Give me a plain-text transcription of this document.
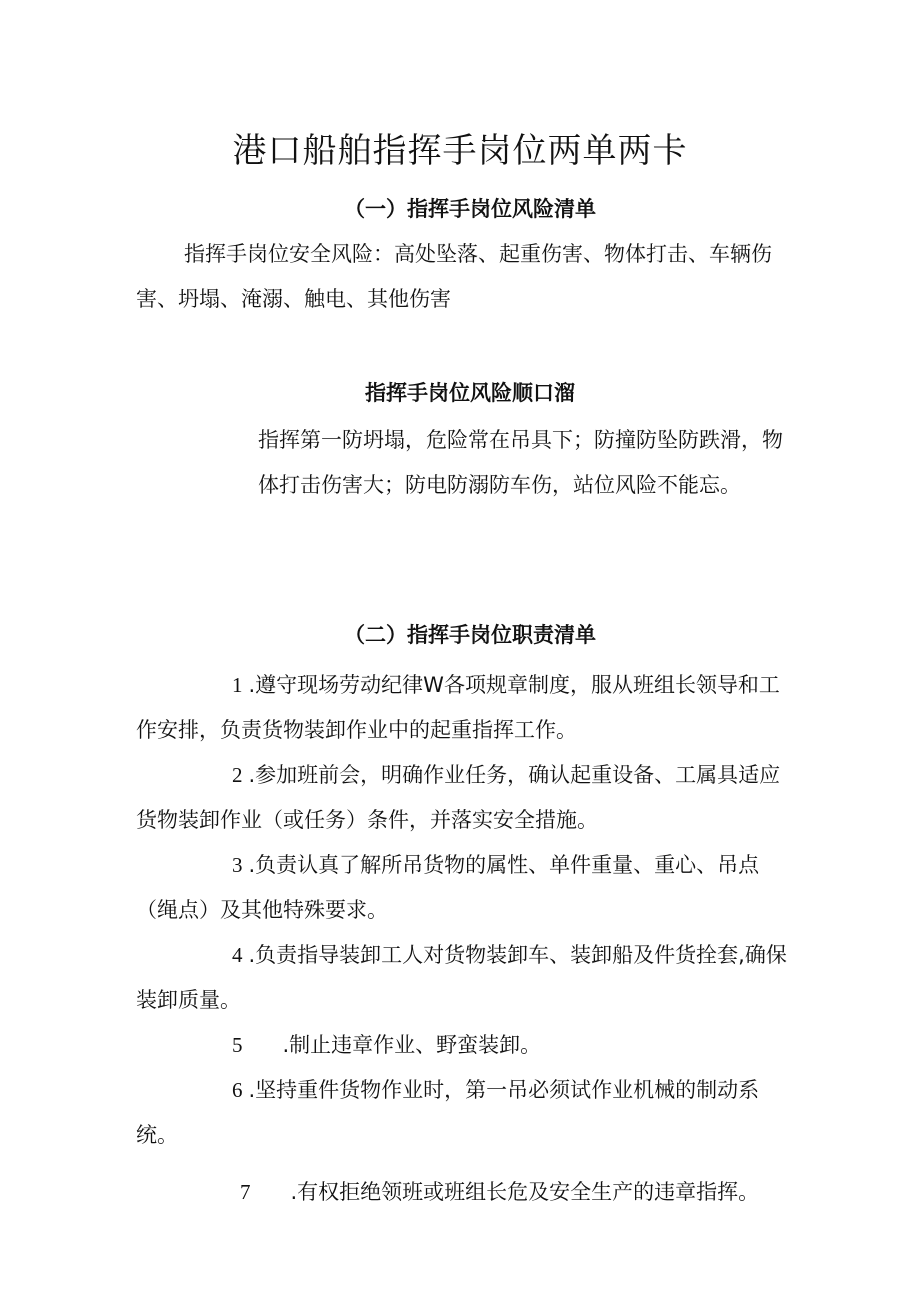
港口船舶指挥手岗位两单两卡
（一）指挥手岗位风险清单

指挥手岗位安全风险：高处坠落、起重伤害、物体打击、车辆伤害、坍塌、淹溺、触电、其他伤害

指挥手岗位风险顺口溜

指挥第一防坍塌，危险常在吊具下；防撞防坠防跌滑，物体打击伤害大；防电防溺防车伤，站位风险不能忘。

（二）指挥手岗位职责清单

1 .遵守现场劳动纪律W各项规章制度，服从班组长领导和工作安排，负责货物装卸作业中的起重指挥工作。

2 .参加班前会，明确作业任务，确认起重设备、工属具适应货物装卸作业（或任务）条件，并落实安全措施。

3 .负责认真了解所吊货物的属性、单件重量、重心、吊点（绳点）及其他特殊要求。

4 .负责指导装卸工人对货物装卸车、装卸船及件货拴套,确保装卸质量。

5 .制止违章作业、野蛮装卸。

6 .坚持重件货物作业时，第一吊必须试作业机械的制动系统。

7 .有权拒绝领班或班组长危及安全生产的违章指挥。
